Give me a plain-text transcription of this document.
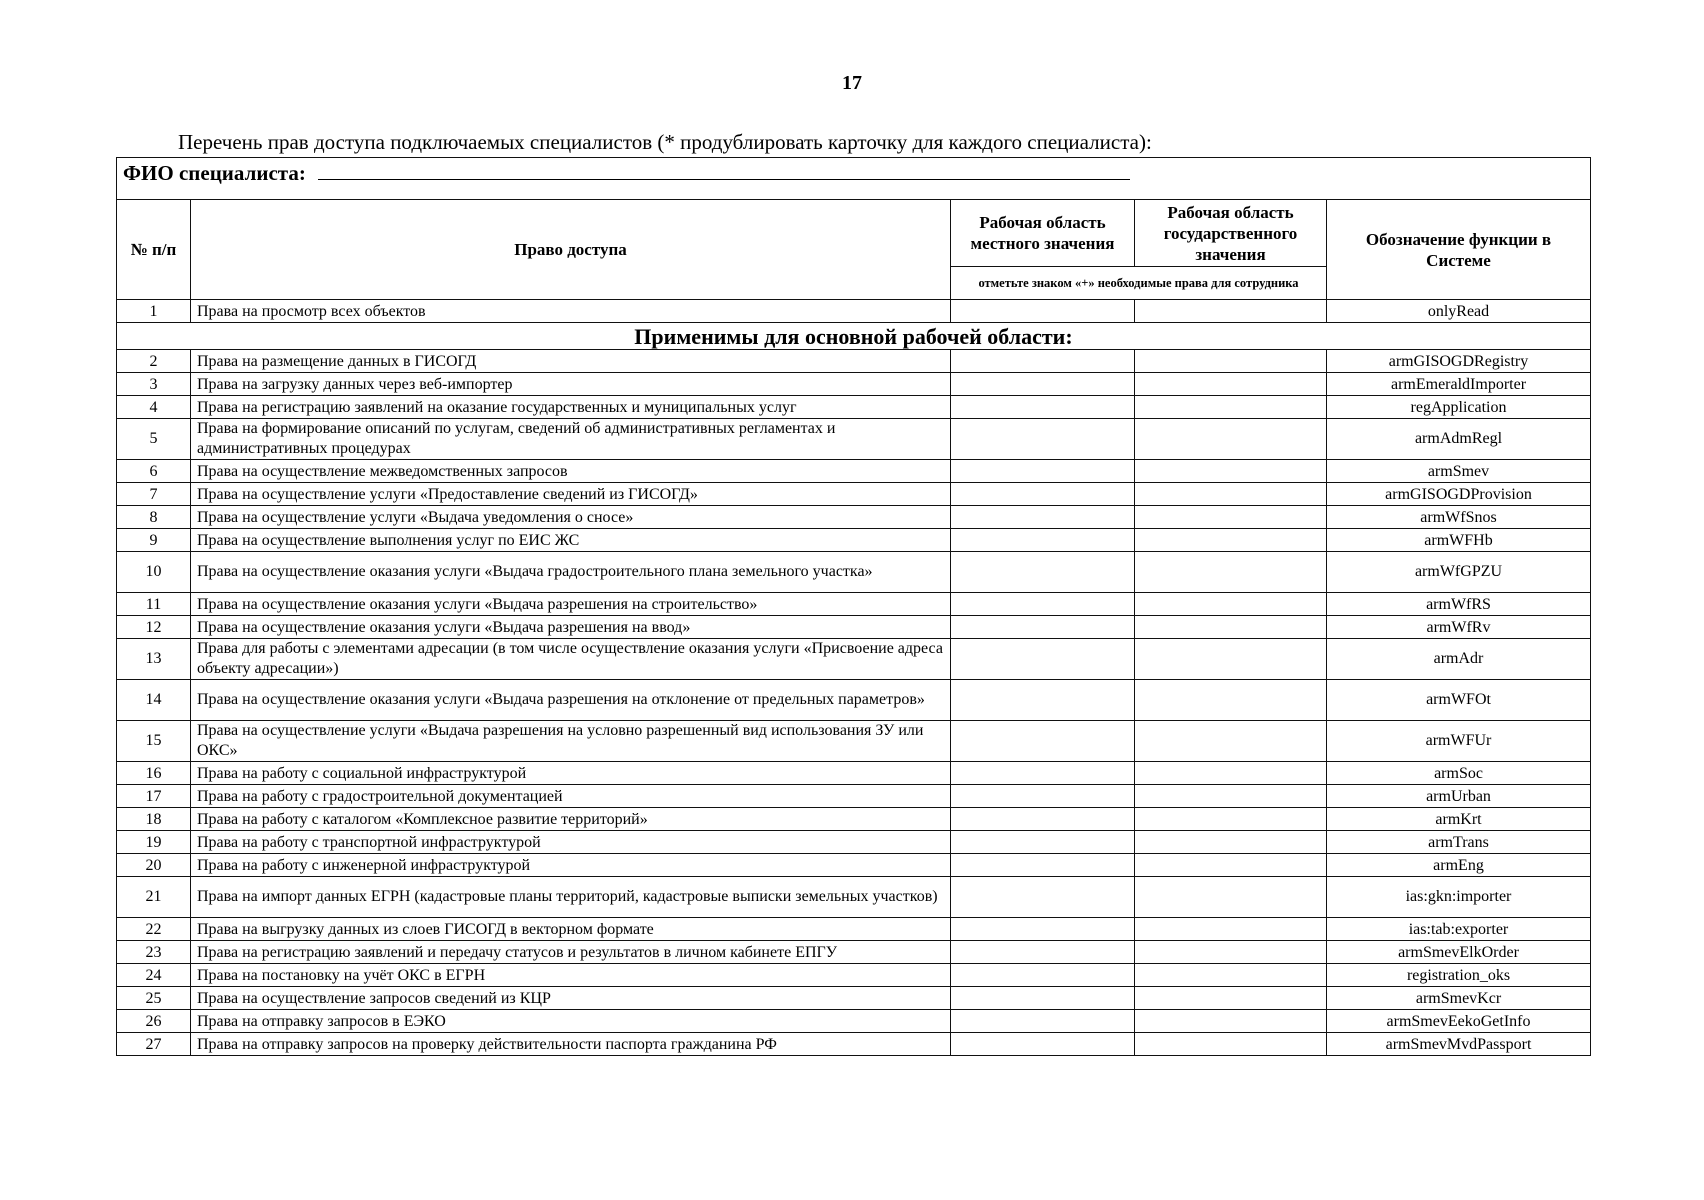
17
Перечень прав доступа подключаемых специалистов (* продублировать карточку для каждого специалиста):
ФИО специалиста:				
№ п/п	Право доступа	Рабочая область местного значения	Рабочая область государственного значения	Обозначение функции в Системе
		отметьте знаком «+» необходимые права для сотрудника		
1	Права на просмотр всех объектов			onlyRead
Применимы для основной рабочей области:				
2	Права на размещение данных в ГИСОГД			armGISOGDRegistry
3	Права на загрузку данных через веб-импортер			armEmeraldImporter
4	Права на регистрацию заявлений на оказание государственных и муниципальных услуг			regApplication
5	Права на формирование описаний по услугам, сведений об административных регламентах и административных процедурах			armAdmRegl
6	Права на осуществление межведомственных запросов			armSmev
7	Права на осуществление услуги «Предоставление сведений из ГИСОГД»			armGISOGDProvision
8	Права на осуществление услуги «Выдача уведомления о сносе»			armWfSnos
9	Права на осуществление выполнения услуг по ЕИС ЖС			armWFHb
10	Права на осуществление оказания услуги «Выдача градостроительного плана земельного участка»			armWfGPZU
11	Права на осуществление оказания услуги «Выдача разрешения на строительство»			armWfRS
12	Права на осуществление оказания услуги «Выдача разрешения на ввод»			armWfRv
13	Права для работы с элементами адресации (в том числе осуществление оказания услуги «Присвоение адреса объекту адресации»)			armAdr
14	Права на осуществление оказания услуги «Выдача разрешения на отклонение от предельных параметров»			armWFOt
15	Права на осуществление услуги «Выдача разрешения на условно разрешенный вид использования ЗУ или ОКС»			armWFUr
16	Права на работу с социальной инфраструктурой			armSoc
17	Права на работу с градостроительной документацией			armUrban
18	Права на работу с каталогом «Комплексное развитие территорий»			armKrt
19	Права на работу с транспортной инфраструктурой			armTrans
20	Права на работу с инженерной инфраструктурой			armEng
21	Права на импорт данных ЕГРН (кадастровые планы территорий, кадастровые выписки земельных участков)			ias:gkn:importer
22	Права на выгрузку данных из слоев ГИСОГД в векторном формате			ias:tab:exporter
23	Права на регистрацию заявлений и передачу статусов и результатов в личном кабинете ЕПГУ			armSmevElkOrder
24	Права на постановку на учёт ОКС в ЕГРН			registration_oks
25	Права на осуществление запросов сведений из КЦР			armSmevKcr
26	Права на отправку запросов в ЕЭКО			armSmevEekoGetInfo
27	Права на отправку запросов на проверку действительности паспорта гражданина РФ			armSmevMvdPassport
